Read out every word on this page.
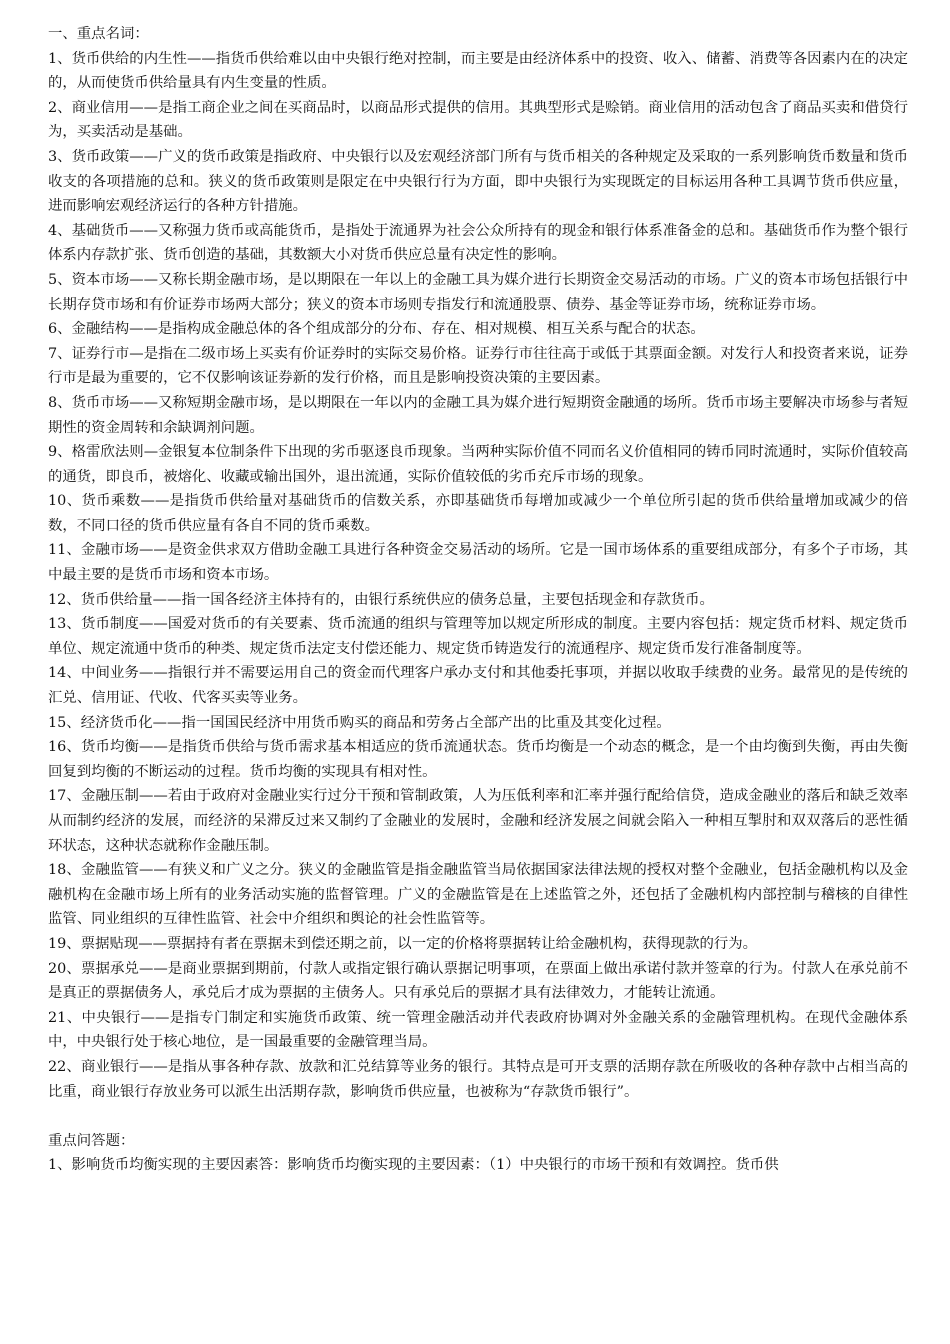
一、重点名词：

1、货币供给的内生性——指货币供给难以由中央银行绝对控制，而主要是由经济体系中的投资、收入、储蓄、消费等各因素内在的决定的，从而使货币供给量具有内生变量的性质。

2、商业信用——是指工商企业之间在买商品时，以商品形式提供的信用。其典型形式是赊销。商业信用的活动包含了商品买卖和借贷行为，买卖活动是基础。

3、货币政策——广义的货币政策是指政府、中央银行以及宏观经济部门所有与货币相关的各种规定及采取的一系列影响货币数量和货币收支的各项措施的总和。狭义的货币政策则是限定在中央银行行为方面，即中央银行为实现既定的目标运用各种工具调节货币供应量，进而影响宏观经济运行的各种方针措施。

4、基础货币——又称强力货币或高能货币，是指处于流通界为社会公众所持有的现金和银行体系准备金的总和。基础货币作为整个银行体系内存款扩张、货币创造的基础，其数额大小对货币供应总量有决定性的影响。

5、资本市场——又称长期金融市场，是以期限在一年以上的金融工具为媒介进行长期资金交易活动的市场。广义的资本市场包括银行中长期存贷市场和有价证券市场两大部分；狭义的资本市场则专指发行和流通股票、债券、基金等证券市场，统称证券市场。

6、金融结构——是指构成金融总体的各个组成部分的分布、存在、相对规模、相互关系与配合的状态。

7、证券行市—是指在二级市场上买卖有价证券时的实际交易价格。证券行市往往高于或低于其票面金额。对发行人和投资者来说，证券行市是最为重要的，它不仅影响该证券新的发行价格，而且是影响投资决策的主要因素。

8、货币市场——又称短期金融市场，是以期限在一年以内的金融工具为媒介进行短期资金融通的场所。货币市场主要解决市场参与者短期性的资金周转和余缺调剂问题。

9、格雷欣法则—金银复本位制条件下出现的劣币驱逐良币现象。当两种实际价值不同而名义价值相同的铸币同时流通时，实际价值较高的通货，即良币，被熔化、收藏或输出国外，退出流通，实际价值较低的劣币充斥市场的现象。

10、货币乘数——是指货币供给量对基础货币的信数关系，亦即基础货币每增加或减少一个单位所引起的货币供给量增加或减少的倍数，不同口径的货币供应量有各自不同的货币乘数。

11、金融市场——是资金供求双方借助金融工具进行各种资金交易活动的场所。它是一国市场体系的重要组成部分，有多个子市场，其中最主要的是货币市场和资本市场。

12、货币供给量——指一国各经济主体持有的，由银行系统供应的债务总量，主要包括现金和存款货币。

13、货币制度——国爱对货币的有关要素、货币流通的组织与管理等加以规定所形成的制度。主要内容包括：规定货币材料、规定货币单位、规定流通中货币的种类、规定货币法定支付偿还能力、规定货币铸造发行的流通程序、规定货币发行准备制度等。

14、中间业务——指银行并不需要运用自己的资金而代理客户承办支付和其他委托事项，并据以收取手续费的业务。最常见的是传统的汇兑、信用证、代收、代客买卖等业务。

15、经济货币化——指一国国民经济中用货币购买的商品和劳务占全部产出的比重及其变化过程。

16、货币均衡——是指货币供给与货币需求基本相适应的货币流通状态。货币均衡是一个动态的概念，是一个由均衡到失衡，再由失衡回复到均衡的不断运动的过程。货币均衡的实现具有相对性。

17、金融压制——若由于政府对金融业实行过分干预和管制政策，人为压低利率和汇率并强行配给信贷，造成金融业的落后和缺乏效率从而制约经济的发展，而经济的呆滞反过来又制约了金融业的发展时，金融和经济发展之间就会陷入一种相互掣肘和双双落后的恶性循环状态，这种状态就称作金融压制。

18、金融监管——有狭义和广义之分。狭义的金融监管是指金融监管当局依据国家法律法规的授权对整个金融业，包括金融机构以及金融机构在金融市场上所有的业务活动实施的监督管理。广义的金融监管是在上述监管之外，还包括了金融机构内部控制与稽核的自律性监管、同业组织的互律性监管、社会中介组织和舆论的社会性监管等。

19、票据贴现——票据持有者在票据未到偿还期之前，以一定的价格将票据转让给金融机构，获得现款的行为。

20、票据承兑——是商业票据到期前，付款人或指定银行确认票据记明事项，在票面上做出承诺付款并签章的行为。付款人在承兑前不是真正的票据债务人，承兑后才成为票据的主债务人。只有承兑后的票据才具有法律效力，才能转让流通。

21、中央银行——是指专门制定和实施货币政策、统一管理金融活动并代表政府协调对外金融关系的金融管理机构。在现代金融体系中，中央银行处于核心地位，是一国最重要的金融管理当局。

22、商业银行——是指从事各种存款、放款和汇兑结算等业务的银行。其特点是可开支票的活期存款在所吸收的各种存款中占相当高的比重，商业银行存放业务可以派生出活期存款，影响货币供应量，也被称为“存款货币银行”。

重点问答题：

1、影响货币均衡实现的主要因素答：影响货币均衡实现的主要因素：（1）中央银行的市场干预和有效调控。货币供
